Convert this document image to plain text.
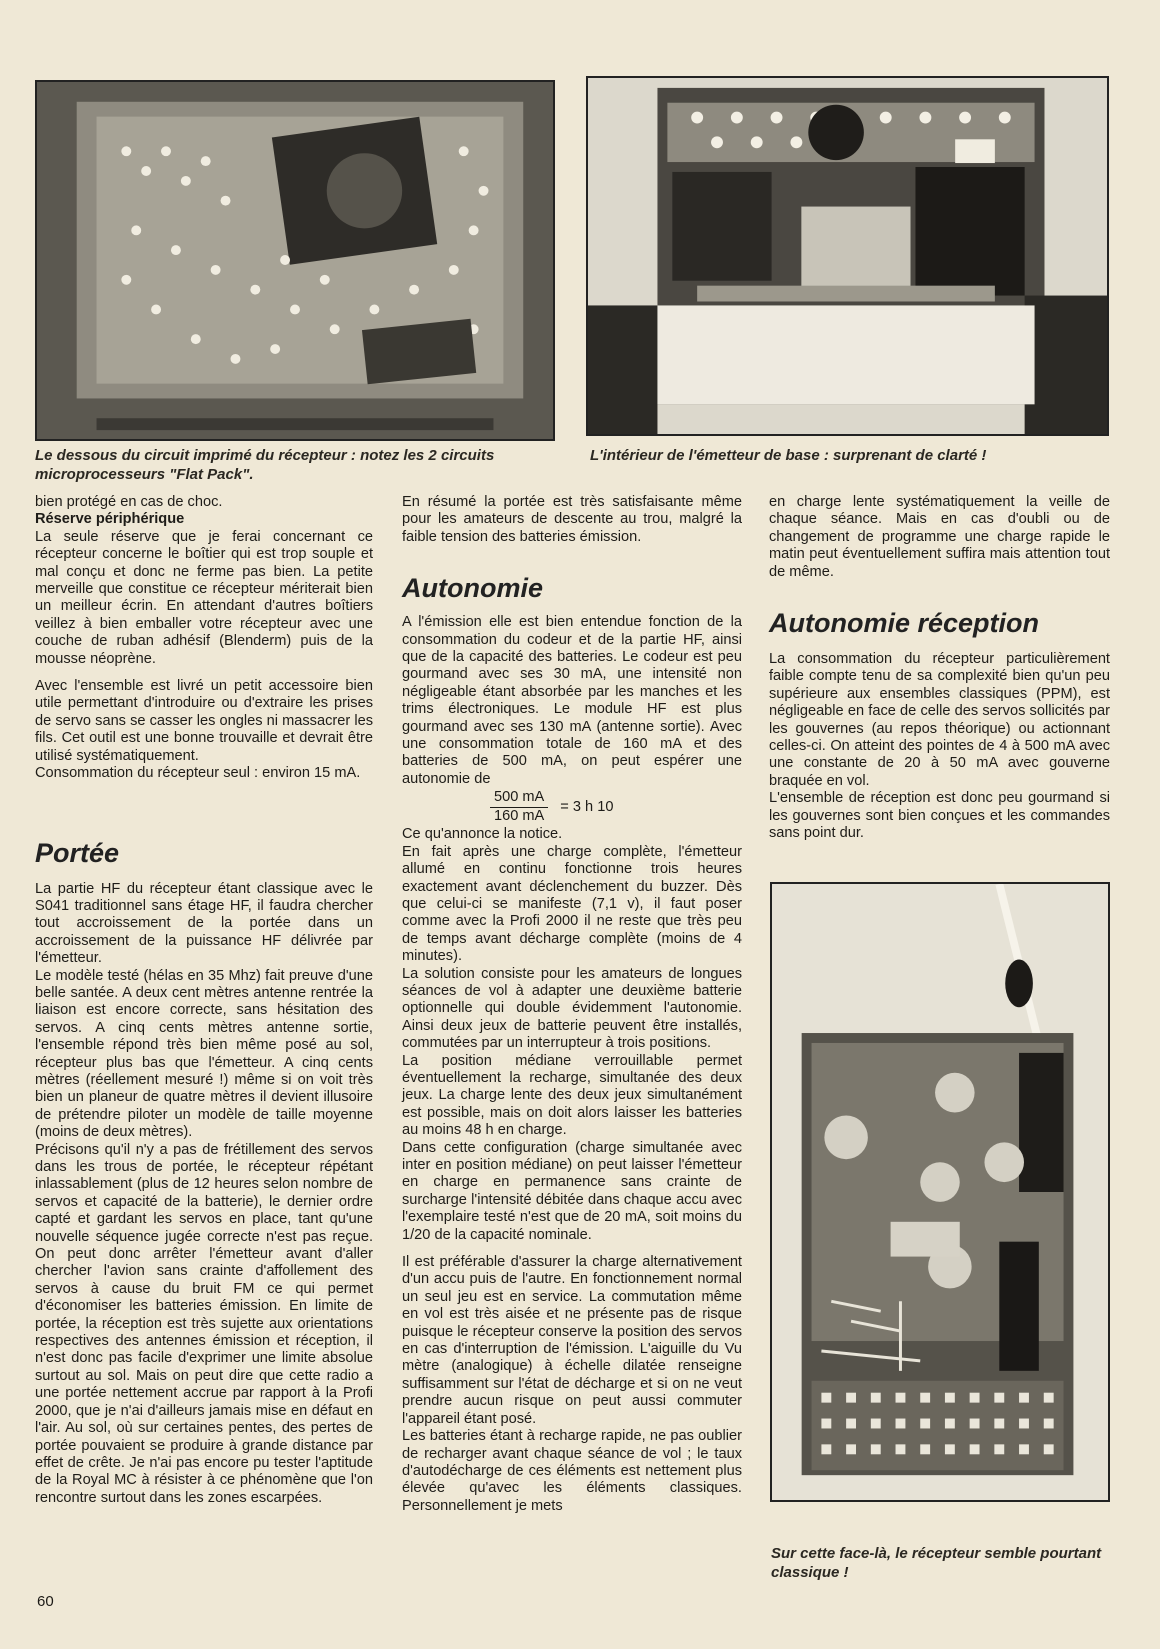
Le dessous du circuit imprimé du récepteur : notez les 2 circuits microprocesseurs "Flat Pack".
L'intérieur de l'émetteur de base : surprenant de clarté !

bien protégé en cas de choc.

Réserve périphérique

La seule réserve que je ferai concernant ce récepteur concerne le boîtier qui est trop souple et mal conçu et donc ne ferme pas bien. La petite merveille que constitue ce récepteur mériterait bien un meilleur écrin. En attendant d'autres boîtiers veillez à bien emballer votre récepteur avec une couche de ruban adhésif (Blenderm) puis de la mousse néoprène.

Avec l'ensemble est livré un petit accessoire bien utile permettant d'introduire ou d'extraire les prises de servo sans se casser les ongles ni massacrer les fils. Cet outil est une bonne trouvaille et devrait être utilisé systématiquement.

Consommation du récepteur seul : environ 15 mA.

Portée

La partie HF du récepteur étant classique avec le S041 traditionnel sans étage HF, il faudra chercher tout accroissement de la portée dans un accroissement de la puissance HF délivrée par l'émetteur.

Le modèle testé (hélas en 35 Mhz) fait preuve d'une belle santée. A deux cent mètres antenne rentrée la liaison est encore correcte, sans hésitation des servos. A cinq cents mètres antenne sortie, l'ensemble répond très bien même posé au sol, récepteur plus bas que l'émetteur. A cinq cents mètres (réellement mesuré !) même si on voit très bien un planeur de quatre mètres il devient illusoire de prétendre piloter un modèle de taille moyenne (moins de deux mètres).

Précisons qu'il n'y a pas de frétillement des servos dans les trous de portée, le récepteur répétant inlassablement (plus de 12 heures selon nombre de servos et capacité de la batterie), le dernier ordre capté et gardant les servos en place, tant qu'une nouvelle séquence jugée correcte n'est pas reçue. On peut donc arrêter l'émetteur avant d'aller chercher l'avion sans crainte d'affollement des servos à cause du bruit FM ce qui permet d'économiser les batteries émission. En limite de portée, la réception est très sujette aux orientations respectives des antennes émission et réception, il n'est donc pas facile d'exprimer une limite absolue surtout au sol. Mais on peut dire que cette radio a une portée nettement accrue par rapport à la Profi 2000, que je n'ai d'ailleurs jamais mise en défaut en l'air. Au sol, où sur certaines pentes, des pertes de portée pouvaient se produire à grande distance par effet de crête. Je n'ai pas encore pu tester l'aptitude de la Royal MC à résister à ce phénomène que l'on rencontre surtout dans les zones escarpées.

En résumé la portée est très satisfaisante même pour les amateurs de descente au trou, malgré la faible tension des batteries émission.

Autonomie

A l'émission elle est bien entendue fonction de la consommation du codeur et de la partie HF, ainsi que de la capacité des batteries. Le codeur est peu gourmand avec ses 30 mA, une intensité non négligeable étant absorbée par les manches et les trims électroniques. Le module HF est plus gourmand avec ses 130 mA (antenne sortie). Avec une consommation totale de 160 mA et des batteries de 500 mA, on peut espérer une autonomie de

$\frac{500 mA}{160 mA} = 3$ h 10

Ce qu'annonce la notice.

En fait après une charge complète, l'émetteur allumé en continu fonctionne trois heures exactement avant déclenchement du buzzer. Dès que celui-ci se manifeste (7,1 v), il faut poser comme avec la Profi 2000 il ne reste que très peu de temps avant décharge complète (moins de 4 minutes).

La solution consiste pour les amateurs de longues séances de vol à adapter une deuxième batterie optionnelle qui double évidemment l'autonomie. Ainsi deux jeux de batterie peuvent être installés, commutées par un interrupteur à trois positions.

La position médiane verrouillable permet éventuellement la recharge, simultanée des deux jeux. La charge lente des deux jeux simultanément est possible, mais on doit alors laisser les batteries au moins 48 h en charge.

Dans cette configuration (charge simultanée avec inter en position médiane) on peut laisser l'émetteur en charge en permanence sans crainte de surcharge l'intensité débitée dans chaque accu avec l'exemplaire testé n'est que de 20 mA, soit moins du 1/20 de la capacité nominale.

Il est préférable d'assurer la charge alternativement d'un accu puis de l'autre. En fonctionnement normal un seul jeu est en service. La commutation même en vol est très aisée et ne présente pas de risque puisque le récepteur conserve la position des servos en cas d'interruption de l'émission. L'aiguille du Vu mètre (analogique) à échelle dilatée renseigne suffisamment sur l'état de décharge et si on ne veut prendre aucun risque on peut aussi commuter l'appareil étant posé.

Les batteries étant à recharge rapide, ne pas oublier de recharger avant chaque séance de vol ; le taux d'autodécharge de ces éléments est nettement plus élevée qu'avec les éléments classiques. Personnellement je mets

en charge lente systématiquement la veille de chaque séance. Mais en cas d'oubli ou de changement de programme une charge rapide le matin peut éventuellement suffira mais attention tout de même.

Autonomie réception

La consommation du récepteur particulièrement faible compte tenu de sa complexité bien qu'un peu supérieure aux ensembles classiques (PPM), est négligeable en face de celle des servos sollicités par les gouvernes (au repos théorique) ou actionnant celles-ci. On atteint des pointes de 4 à 500 mA avec une constante de 20 à 50 mA avec gouverne braquée en vol.

L'ensemble de réception est donc peu gourmand si les gouvernes sont bien conçues et les commandes sans point dur.

Sur cette face-là, le récepteur semble pourtant classique !
60
